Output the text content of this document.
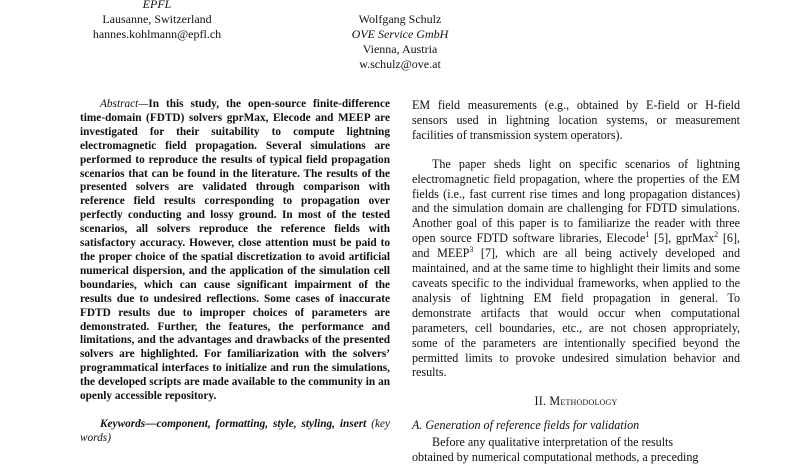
EPFL
Lausanne, Switzerland
hannes.kohlmann@epfl.ch
Wolfgang Schulz
OVE Service GmbH
Vienna, Austria
w.schulz@ove.at

Abstract—In this study, the open-source finite-difference time-domain (FDTD) solvers gprMax, Elecode and MEEP are investigated for their suitability to compute lightning electromagnetic field propagation. Several simulations are performed to reproduce the results of typical field propagation scenarios that can be found in the literature. The results of the presented solvers are validated through comparison with reference field results corresponding to propagation over perfectly conducting and lossy ground. In most of the tested scenarios, all solvers reproduce the reference fields with satisfactory accuracy. However, close attention must be paid to the proper choice of the spatial discretization to avoid artificial numerical dispersion, and the application of the simulation cell boundaries, which can cause significant impairment of the results due to undesired reflections. Some cases of inaccurate FDTD results due to improper choices of parameters are demonstrated. Further, the features, the performance and limitations, and the advantages and drawbacks of the presented solvers are highlighted. For familiarization with the solvers’ programmatical interfaces to initialize and run the simulations, the developed scripts are made available to the community in an openly accessible repository.

Keywords—component, formatting, style, styling, insert (key words)

EM field measurements (e.g., obtained by E-field or H-field sensors used in lightning location systems, or measurement facilities of transmission system operators).

The paper sheds light on specific scenarios of lightning electromagnetic field propagation, where the properties of the EM fields (i.e., fast current rise times and long propagation distances) and the simulation domain are challenging for FDTD simulations. Another goal of this paper is to familiarize the reader with three open source FDTD software libraries, Elecode$^1$ [5], gprMax$^2$ [6], and MEEP$^3$ [7], which are all being actively developed and maintained, and at the same time to highlight their limits and some caveats specific to the individual frameworks, when applied to the analysis of lightning EM field propagation in general. To demonstrate artifacts that would occur when computational parameters, cell boundaries, etc., are not chosen appropriately, some of the parameters are intentionally specified beyond the permitted limits to provoke undesired simulation behavior and results.

II. Methodology
A. Generation of reference fields for validation

Before any qualitative interpretation of the results

obtained by numerical computational methods, a preceding
